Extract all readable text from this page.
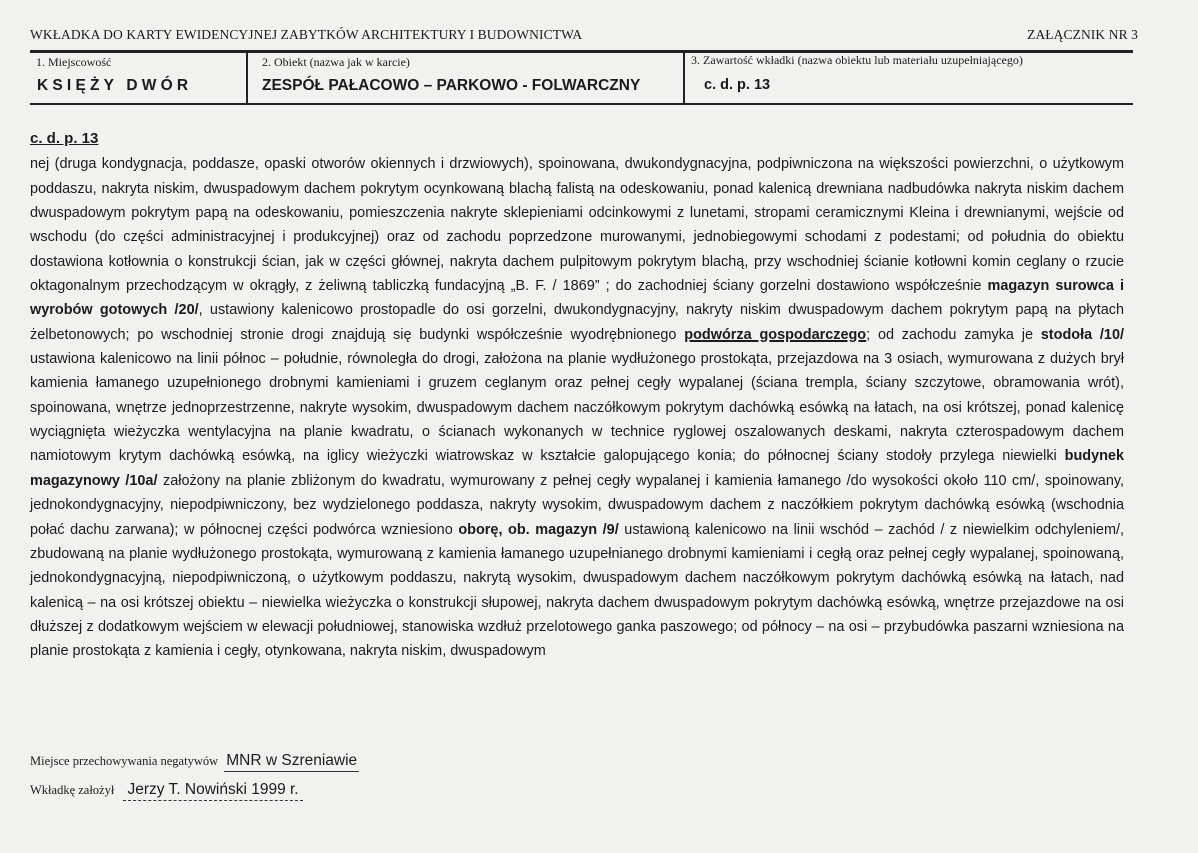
WKŁADKA DO KARTY EWIDENCYJNEJ ZABYTKÓW ARCHITEKTURY I BUDOWNICTWA	ZAŁĄCZNIK NR 3
1. Miejscowość
KSIĘŻY DWÓR
2. Obiekt (nazwa jak w karcie)
ZESPÓŁ PAŁACOWO – PARKOWO - FOLWARCZNY
3. Zawartość wkładki (nazwa obiektu lub materiału uzupełniającego)
c. d. p. 13
c. d. p. 13

nej (druga kondygnacja, poddasze, opaski otworów okiennych i drzwiowych), spoinowana, dwukondygnacyjna, podpiwniczona na większości powierzchni, o użytkowym poddaszu, nakryta niskim, dwuspadowym dachem pokrytym ocynkowaną blachą falistą na odeskowaniu, ponad kalenicą drewniana nadbudówka nakryta niskim dachem dwuspadowym pokrytym papą na odeskowaniu, pomieszczenia nakryte sklepieniami odcinkowymi z lunetami, stropami ceramicznymi Kleina i drewnianymi, wejście od wschodu (do części administracyjnej i produkcyjnej) oraz od zachodu poprzedzone murowanymi, jednobiegowymi schodami z podestami; od południa do obiektu dostawiona kotłownia o konstrukcji ścian, jak w części głównej, nakryta dachem pulpitowym pokrytym blachą, przy wschodniej ścianie kotłowni komin ceglany o rzucie oktagonalnym przechodzącym w okrągły, z żeliwną tabliczką fundacyjną „B. F. / 1869” ; do zachodniej ściany gorzelni dostawiono współcześnie magazyn surowca i wyrobów gotowych /20/, ustawiony kalenicowo prostopadle do osi gorzelni, dwukondygnacyjny, nakryty niskim dwuspadowym dachem pokrytym papą na płytach żelbetonowych; po wschodniej stronie drogi znajdują się budynki współcześnie wyodrębnionego podwórza gospodarczego; od zachodu zamyka je stodoła /10/ ustawiona kalenicowo na linii północ – południe, równoległa do drogi, założona na planie wydłużonego prostokąta, przejazdowa na 3 osiach, wymurowana z dużych brył kamienia łamanego uzupełnionego drobnymi kamieniami i gruzem ceglanym oraz pełnej cegły wypalanej (ściana trempla, ściany szczytowe, obramowania wrót), spoinowana, wnętrze jednoprzestrzenne, nakryte wysokim, dwuspadowym dachem naczółkowym pokrytym dachówką esówką na łatach, na osi krótszej, ponad kalenicę wyciągnięta wieżyczka wentylacyjna na planie kwadratu, o ścianach wykonanych w technice ryglowej oszalowanych deskami, nakryta czterospadowym dachem namiotowym krytym dachówką esówką, na iglicy wieżyczki wiatrowskaz w kształcie galopującego konia; do północnej ściany stodoły przylega niewielki budynek magazynowy /10a/ założony na planie zbliżonym do kwadratu, wymurowany z pełnej cegły wypalanej i kamienia łamanego /do wysokości około 110 cm/, spoinowany, jednokondygnacyjny, niepodpiwniczony, bez wydzielonego poddasza, nakryty wysokim, dwuspadowym dachem z naczółkiem pokrytym dachówką esówką (wschodnia połać dachu zarwana); w północnej części podwórca wzniesiono oborę, ob. magazyn /9/ ustawioną kalenicowo na linii wschód – zachód / z niewielkim odchyleniem/, zbudowaną na planie wydłużonego prostokąta, wymurowaną z kamienia łamanego uzupełnianego drobnymi kamieniami i cegłą oraz pełnej cegły wypalanej, spoinowaną, jednokondygnacyjną, niepodpiwniczoną, o użytkowym poddaszu, nakrytą wysokim, dwuspadowym dachem naczółkowym pokrytym dachówką esówką na łatach, nad kalenicą – na osi krótszej obiektu – niewielka wieżyczka o konstrukcji słupowej, nakryta dachem dwuspadowym pokrytym dachówką esówką, wnętrze przejazdowe na osi dłuższej z dodatkowym wejściem w elewacji południowej, stanowiska wzdłuż przelotowego ganka paszowego; od północy – na osi – przybudówka paszarni wzniesiona na planie prostokąta z kamienia i cegły, otynkowana, nakryta niskim, dwuspadowym

Miejsce przechowywania negatywów MNR w Szreniawie
Wkładkę założył Jerzy T. Nowiński 1999 r.
